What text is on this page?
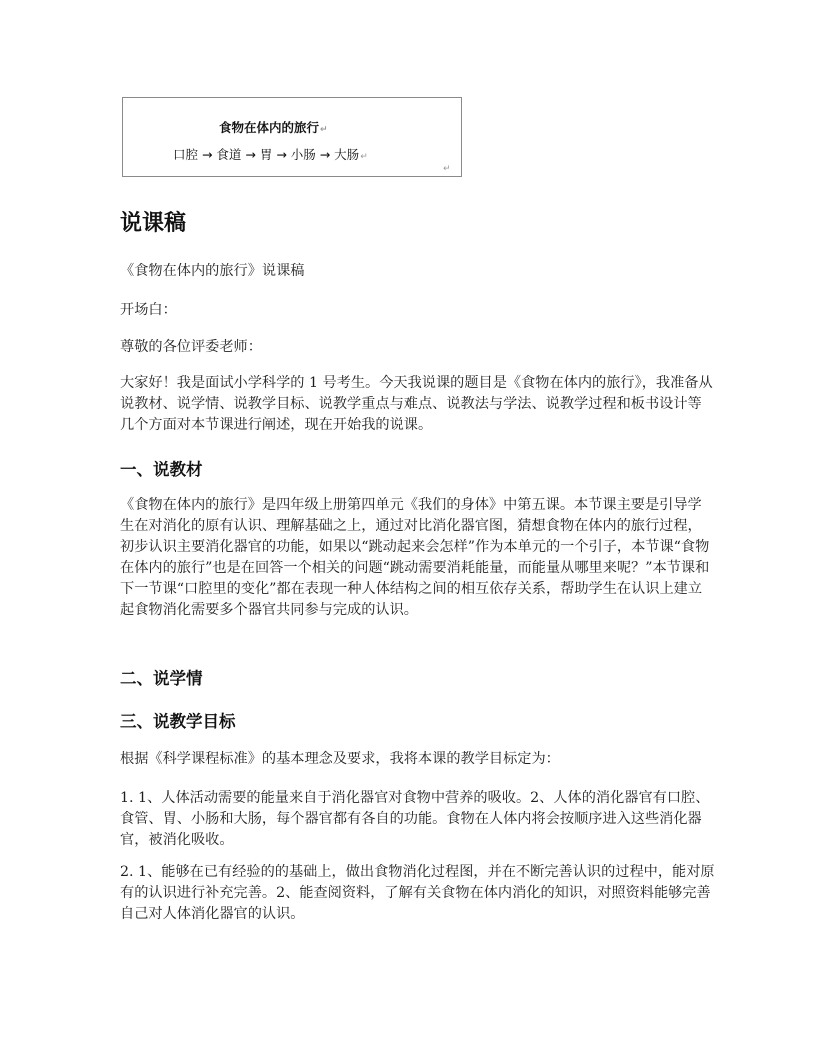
食物在体内的旅行↵
口腔 → 食道 → 胃 → 小肠 → 大肠↵
↵
说课稿

《食物在体内的旅行》说课稿

开场白：

尊敬的各位评委老师：

大家好！我是面试小学科学的 1 号考生。今天我说课的题目是《食物在体内的旅行》，我准备从说教材、说学情、说教学目标、说教学重点与难点、说教法与学法、说教学过程和板书设计等几个方面对本节课进行阐述，现在开始我的说课。

一、说教材

《食物在体内的旅行》是四年级上册第四单元《我们的身体》中第五课。本节课主要是引导学生在对消化的原有认识、理解基础之上，通过对比消化器官图，猜想食物在体内的旅行过程，初步认识主要消化器官的功能，如果以“跳动起来会怎样”作为本单元的一个引子，本节课“食物在体内的旅行”也是在回答一个相关的问题“跳动需要消耗能量，而能量从哪里来呢？”本节课和下一节课“口腔里的变化”都在表现一种人体结构之间的相互依存关系，帮助学生在认识上建立起食物消化需要多个器官共同参与完成的认识。

二、说学情
三、说教学目标

根据《科学课程标准》的基本理念及要求，我将本课的教学目标定为：

1. 1、人体活动需要的能量来自于消化器官对食物中营养的吸收。2、人体的消化器官有口腔、食管、胃、小肠和大肠，每个器官都有各自的功能。食物在人体内将会按顺序进入这些消化器官，被消化吸收。

2. 1、能够在已有经验的的基础上，做出食物消化过程图，并在不断完善认识的过程中，能对原有的认识进行补充完善。2、能查阅资料，了解有关食物在体内消化的知识，对照资料能够完善自己对人体消化器官的认识。
